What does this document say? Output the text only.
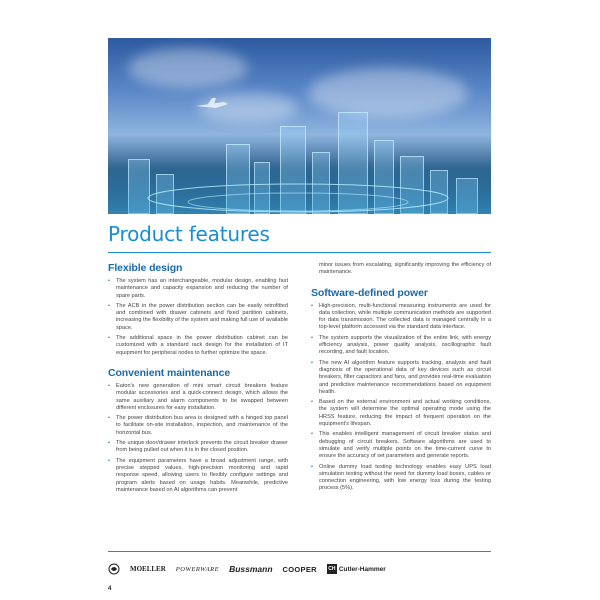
Product features
Flexible design
• The system has an interchangeable, modular design, enabling fast maintenance and capacity expansion and reducing the number of spare parts.
• The ACB in the power distribution section can be easily retrofitted and combined with drawer cabinets and fixed partition cabinets, increasing the flexibility of the system and making full use of available space.
• The additional space in the power distribution cabinet can be customized with a standard rack design for the installation of IT equipment for peripheral nodes to further optimize the space.
Convenient maintenance
• Eaton's new generation of mini smart circuit breakers feature modular accessories and a quick-connect design, which allows the same auxiliary and alarm components to be swapped between different enclosures for easy installation.
• The power distribution bus area is designed with a hinged top panel to facilitate on-site installation, inspection, and maintenance of the horizontal bus.
• The unique door/drawer interlock prevents the circuit breaker drawer from being pulled out when it is in the closed position.
• The equipment parameters have a broad adjustment range, with precise stepped values, high-precision monitoring and rapid response speed, allowing users to flexibly configure settings and program alerts based on usage habits. Meanwhile, predictive maintenance based on AI algorithms can prevent

minor issues from escalating, significantly improving the efficiency of maintenance.

Software-defined power
• High-precision, multi-functional measuring instruments are used for data collection, while multiple communication methods are supported for data transmission. The collected data is managed centrally in a top-level platform accessed via the standard data interface.
• The system supports the visualization of the entire link, with energy efficiency analysis, power quality analysis, oscillographic fault recording, and fault location.
• The new AI algorithm feature supports tracking, analysis and fault diagnosis of the operational data of key devices such as circuit breakers, filter capacitors and fans, and provides real-time evaluation and predictive maintenance recommendations based on equipment health.
• Based on the external environment and actual working conditions, the system will determine the optimal operating mode using the HRSS feature, reducing the impact of frequent operation on the equipment's lifespan.
• This enables intelligent management of circuit breaker status and debugging of circuit breakers. Software algorithms are used to simulate and verify multiple points on the time-current curve to ensure the accuracy of set parameters and generate reports.
• Online dummy load testing technology enables easy UPS load simulation testing without the need for dummy load boxes, cables or connection engineering, with low energy loss during the testing process (5%).
MOELLER POWERWARE Bussmann COOPER CH Cutler-Hammer
4
